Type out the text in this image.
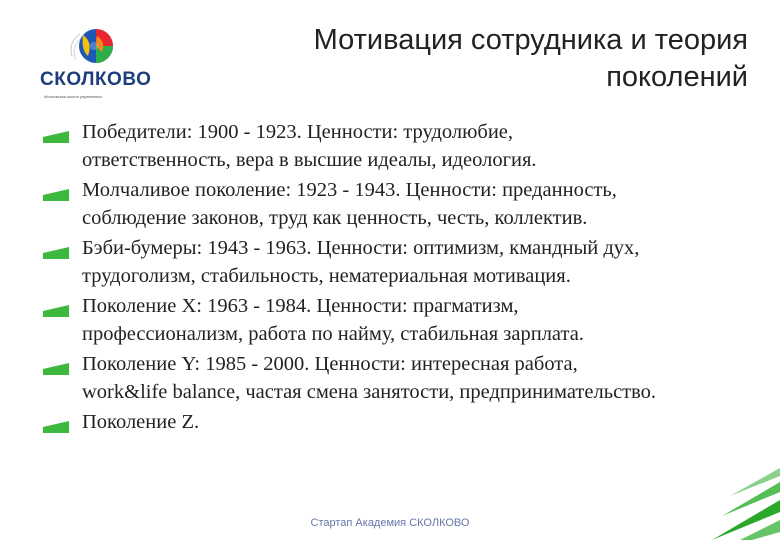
СКОЛКОВО
Московская школа управления
Мотивация сотрудника и теория
поколений
Победители: 1900 - 1923. Ценности: трудолюбие,
ответственность, вера в высшие идеалы, идеология.
Молчаливое поколение: 1923 - 1943. Ценности: преданность,
соблюдение законов, труд как ценность, честь, коллектив.
Бэби-бумеры: 1943 - 1963. Ценности: оптимизм, кмандный дух,
трудоголизм, стабильность, нематериальная мотивация.
Поколение X: 1963 - 1984. Ценности: прагматизм,
профессионализм, работа по найму, стабильная зарплата.
Поколение Y: 1985 - 2000. Ценности: интересная работа,
work&life balance, частая смена занятости, предпринимательство.
Поколение Z.
Стартап Академия СКОЛКОВО
